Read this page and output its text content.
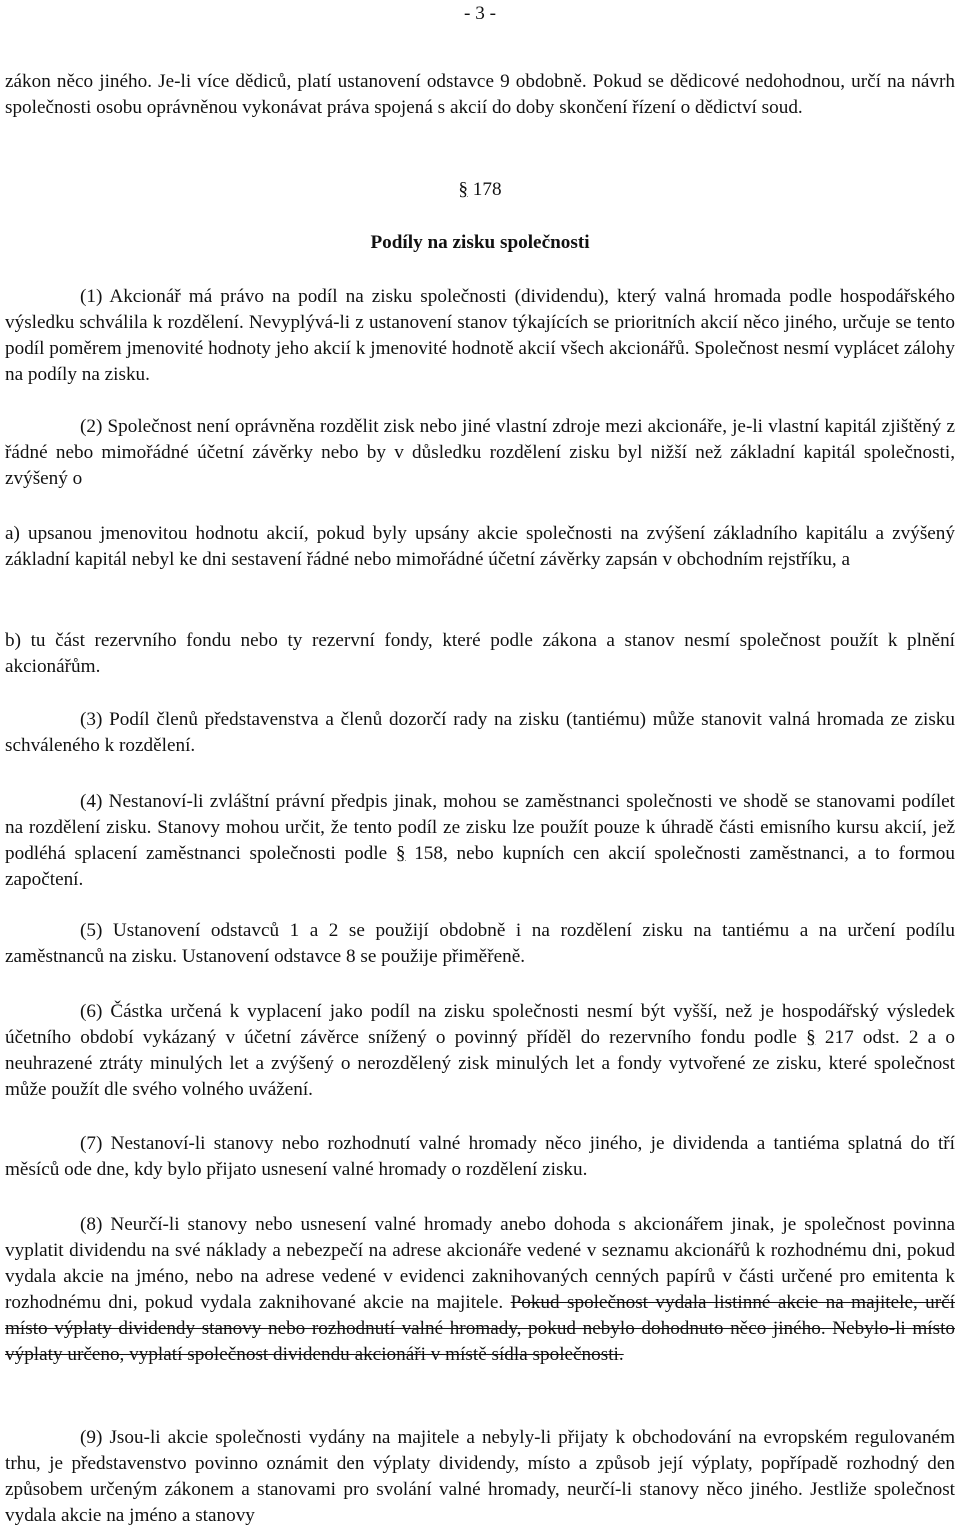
- 3 -

zákon něco jiného. Je-li více dědiců, platí ustanovení odstavce 9 obdobně. Pokud se dědicové nedohodnou, určí na návrh společnosti osobu oprávněnou vykonávat práva spojená s akcií do doby skončení řízení o dědictví soud.

§ 178
Podíly na zisku společnosti

(1) Akcionář má právo na podíl na zisku společnosti (dividendu), který valná hromada podle hospodářského výsledku schválila k rozdělení. Nevyplývá-li z ustanovení stanov týkajících se prioritních akcií něco jiného, určuje se tento podíl poměrem jmenovité hodnoty jeho akcií k jmenovité hodnotě akcií všech akcionářů. Společnost nesmí vyplácet zálohy na podíly na zisku.

(2) Společnost není oprávněna rozdělit zisk nebo jiné vlastní zdroje mezi akcionáře, je-li vlastní kapitál zjištěný z řádné nebo mimořádné účetní závěrky nebo by v důsledku rozdělení zisku byl nižší než základní kapitál společnosti, zvýšený o

a) upsanou jmenovitou hodnotu akcií, pokud byly upsány akcie společnosti na zvýšení základního kapitálu a zvýšený základní kapitál nebyl ke dni sestavení řádné nebo mimořádné účetní závěrky zapsán v obchodním rejstříku, a

b) tu část rezervního fondu nebo ty rezervní fondy, které podle zákona a stanov nesmí společnost použít k plnění akcionářům.

(3) Podíl členů představenstva a členů dozorčí rady na zisku (tantiému) může stanovit valná hromada ze zisku schváleného k rozdělení.

(4) Nestanoví-li zvláštní právní předpis jinak, mohou se zaměstnanci společnosti ve shodě se stanovami podílet na rozdělení zisku. Stanovy mohou určit, že tento podíl ze zisku lze použít pouze k úhradě části emisního kursu akcií, jež podléhá splacení zaměstnanci společnosti podle § 158, nebo kupních cen akcií společnosti zaměstnanci, a to formou započtení.

(5) Ustanovení odstavců 1 a 2 se použijí obdobně i na rozdělení zisku na tantiému a na určení podílu zaměstnanců na zisku. Ustanovení odstavce 8 se použije přiměřeně.

(6) Částka určená k vyplacení jako podíl na zisku společnosti nesmí být vyšší, než je hospodářský výsledek účetního období vykázaný v účetní závěrce snížený o povinný příděl do rezervního fondu podle § 217 odst. 2 a o neuhrazené ztráty minulých let a zvýšený o nerozdělený zisk minulých let a fondy vytvořené ze zisku, které společnost může použít dle svého volného uvážení.

(7) Nestanoví-li stanovy nebo rozhodnutí valné hromady něco jiného, je dividenda a tantiéma splatná do tří měsíců ode dne, kdy bylo přijato usnesení valné hromady o rozdělení zisku.

(8) Neurčí-li stanovy nebo usnesení valné hromady anebo dohoda s akcionářem jinak, je společnost povinna vyplatit dividendu na své náklady a nebezpečí na adrese akcionáře vedené v seznamu akcionářů k rozhodnému dni, pokud vydala akcie na jméno, nebo na adrese vedené v evidenci zaknihovaných cenných papírů v části určené pro emitenta k rozhodnému dni, pokud vydala zaknihované akcie na majitele. Pokud společnost vydala listinné akcie na majitele, určí místo výplaty dividendy stanovy nebo rozhodnutí valné hromady, pokud nebylo dohodnuto něco jiného. Nebylo-li místo výplaty určeno, vyplatí společnost dividendu akcionáři v místě sídla společnosti.

(9) Jsou-li akcie společnosti vydány na majitele a nebyly-li přijaty k obchodování na evropském regulovaném trhu, je představenstvo povinno oznámit den výplaty dividendy, místo a způsob její výplaty, popřípadě rozhodný den způsobem určeným zákonem a stanovami pro svolání valné hromady, neurčí-li stanovy něco jiného. Jestliže společnost vydala akcie na jméno a stanovy
